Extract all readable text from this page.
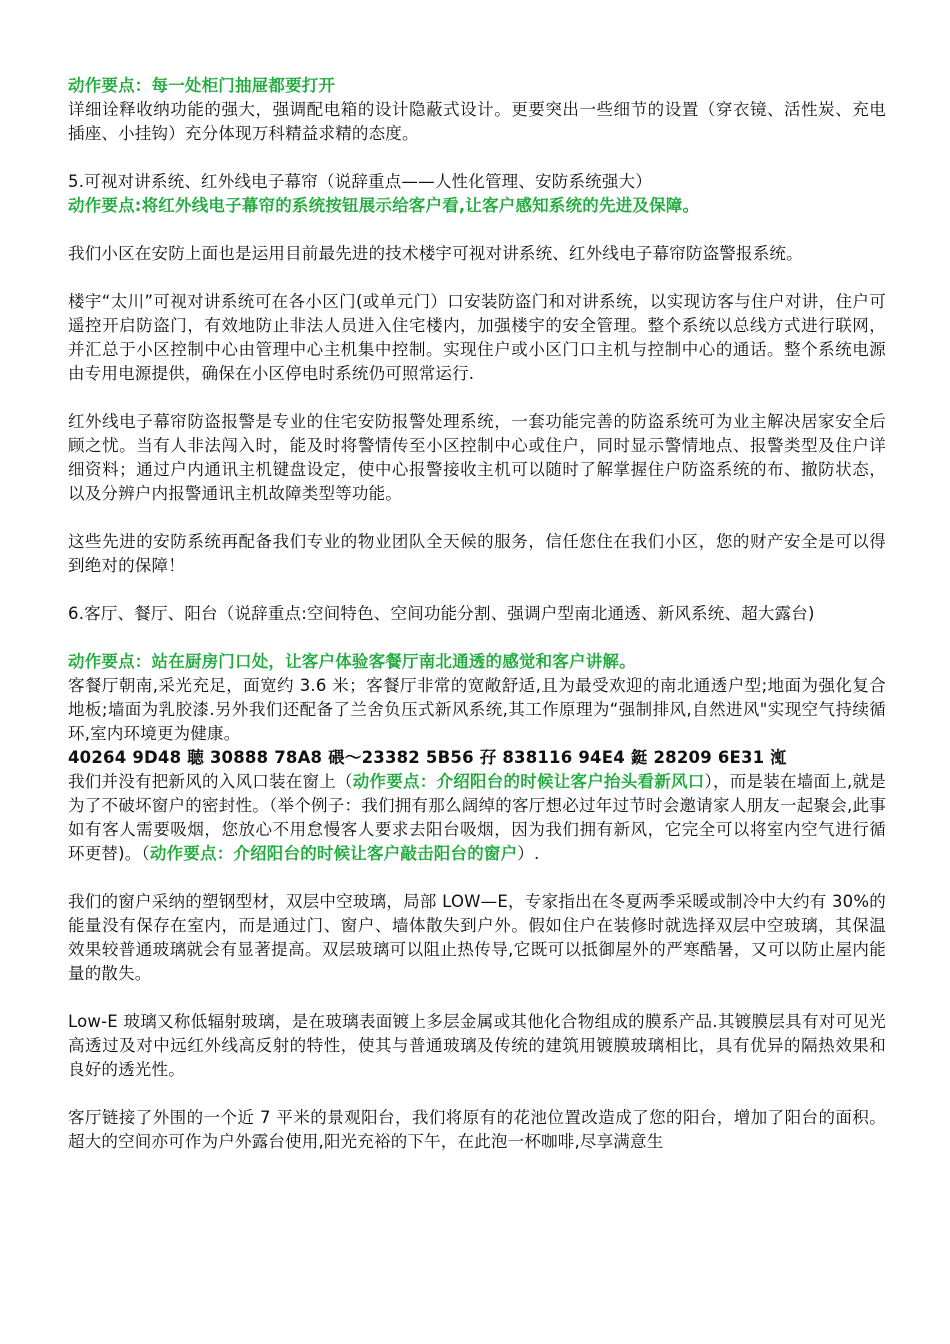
动作要点：每一处柜门抽屉都要打开

详细诠释收纳功能的强大，强调配电箱的设计隐蔽式设计。更要突出一些细节的设置（穿衣镜、活性炭、充电插座、小挂钩）充分体现万科精益求精的态度。

5.可视对讲系统、红外线电子幕帘（说辞重点——人性化管理、安防系统强大）

动作要点:将红外线电子幕帘的系统按钮展示给客户看,让客户感知系统的先进及保障。

我们小区在安防上面也是运用目前最先进的技术楼宇可视对讲系统、红外线电子幕帘防盗警报系统。

楼宇“太川”可视对讲系统可在各小区门(或单元门）口安装防盗门和对讲系统，以实现访客与住户对讲，住户可遥控开启防盗门，有效地防止非法人员进入住宅楼内，加强楼宇的安全管理。整个系统以总线方式进行联网，并汇总于小区控制中心由管理中心主机集中控制。实现住户或小区门口主机与控制中心的通话。整个系统电源由专用电源提供，确保在小区停电时系统仍可照常运行.

红外线电子幕帘防盗报警是专业的住宅安防报警处理系统，一套功能完善的防盗系统可为业主解决居家安全后顾之忧。当有人非法闯入时，能及时将警情传至小区控制中心或住户，同时显示警情地点、报警类型及住户详细资料；通过户内通讯主机键盘设定，使中心报警接收主机可以随时了解掌握住户防盗系统的布、撤防状态，以及分辨户内报警通讯主机故障类型等功能。

这些先进的安防系统再配备我们专业的物业团队全天候的服务，信任您住在我们小区，您的财产安全是可以得到绝对的保障！

6.客厅、餐厅、阳台（说辞重点:空间特色、空间功能分割、强调户型南北通透、新风系统、超大露台)

动作要点：站在厨房门口处，让客户体验客餐厅南北通透的感觉和客户讲解。

客餐厅朝南,采光充足，面宽约 3.6 米；客餐厅非常的宽敞舒适,且为最受欢迎的南北通透户型;地面为强化复合地板;墙面为乳胶漆.另外我们还配备了兰舍负压式新风系统,其工作原理为“强制排风,自然进风"实现空气持续循环,室内环境更为健康。

40264 9D48 聴 30888 78A8 碨～23382 5B56 孖 838116 94E4 鋌 28209 6E31 渱

我们并没有把新风的入风口装在窗上（动作要点：介绍阳台的时候让客户抬头看新风口），而是装在墙面上,就是为了不破坏窗户的密封性。（举个例子：我们拥有那么阔绰的客厅想必过年过节时会邀请家人朋友一起聚会,此事如有客人需要吸烟，您放心不用怠慢客人要求去阳台吸烟，因为我们拥有新风，它完全可以将室内空气进行循环更替)。（动作要点：介绍阳台的时候让客户敲击阳台的窗户）.

我们的窗户采纳的塑钢型材，双层中空玻璃，局部 LOW—E，专家指出在冬夏两季采暖或制冷中大约有 30%的能量没有保存在室内，而是通过门、窗户、墙体散失到户外。假如住户在装修时就选择双层中空玻璃，其保温效果较普通玻璃就会有显著提高。双层玻璃可以阻止热传导,它既可以抵御屋外的严寒酷暑，又可以防止屋内能量的散失。

Low-E 玻璃又称低辐射玻璃，是在玻璃表面镀上多层金属或其他化合物组成的膜系产品.其镀膜层具有对可见光高透过及对中远红外线高反射的特性，使其与普通玻璃及传统的建筑用镀膜玻璃相比，具有优异的隔热效果和良好的透光性。

客厅链接了外围的一个近 7 平米的景观阳台，我们将原有的花池位置改造成了您的阳台，增加了阳台的面积。超大的空间亦可作为户外露台使用,阳光充裕的下午，在此泡一杯咖啡,尽享满意生
